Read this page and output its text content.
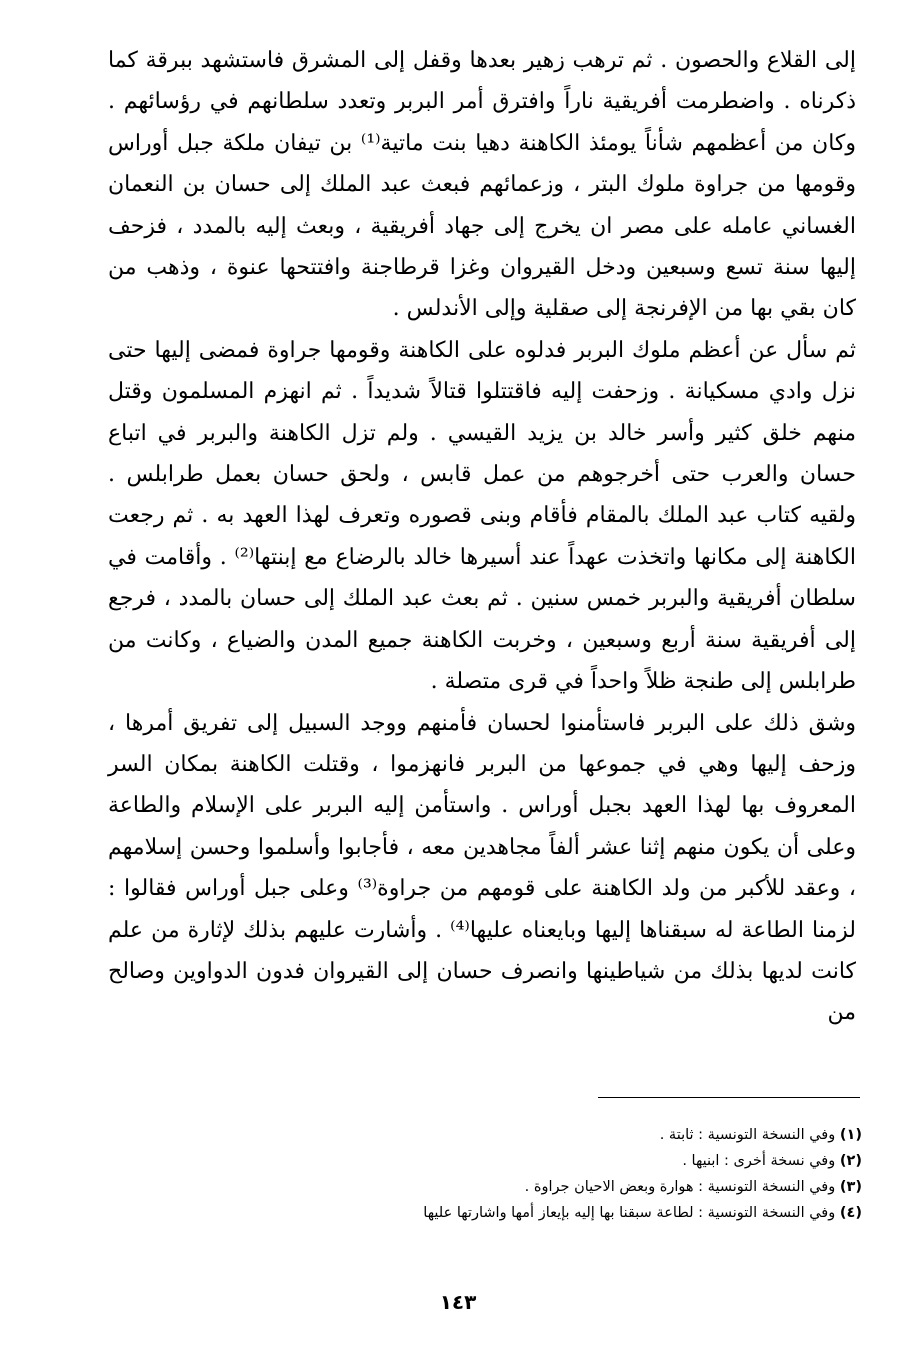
إلى القلاع والحصون . ثم ترهب زهير بعدها وقفل إلى المشرق فاستشهد ببرقة كما ذكرناه . واضطرمت أفريقية ناراً وافترق أمر البربر وتعدد سلطانهم في رؤسائهم . وكان من أعظمهم شأناً يومئذ الكاهنة دهيا بنت ماتية⁽¹⁾ بن تيفان ملكة جبل أوراس وقومها من جراوة ملوك البتر ، وزعمائهم فبعث عبد الملك إلى حسان بن النعمان الغساني عامله على مصر ان يخرج إلى جهاد أفريقية ، وبعث إليه بالمدد ، فزحف إليها سنة تسع وسبعين ودخل القيروان وغزا قرطاجنة وافتتحها عنوة ، وذهب من كان بقي بها من الإفرنجة إلى صقلية وإلى الأندلس .

ثم سأل عن أعظم ملوك البربر فدلوه على الكاهنة وقومها جراوة فمضى إليها حتى نزل وادي مسكيانة . وزحفت إليه فاقتتلوا قتالاً شديداً . ثم انهزم المسلمون وقتل منهم خلق كثير وأسر خالد بن يزيد القيسي . ولم تزل الكاهنة والبربر في اتباع حسان والعرب حتى أخرجوهم من عمل قابس ، ولحق حسان بعمل طرابلس . ولقيه كتاب عبد الملك بالمقام فأقام وبنى قصوره وتعرف لهذا العهد به . ثم رجعت الكاهنة إلى مكانها واتخذت عهداً عند أسيرها خالد بالرضاع مع إبنتها⁽²⁾ . وأقامت في سلطان أفريقية والبربر خمس سنين . ثم بعث عبد الملك إلى حسان بالمدد ، فرجع إلى أفريقية سنة أربع وسبعين ، وخربت الكاهنة جميع المدن والضياع ، وكانت من طرابلس إلى طنجة ظلاً واحداً في قرى متصلة .

وشق ذلك على البربر فاستأمنوا لحسان فأمنهم ووجد السبيل إلى تفريق أمرها ، وزحف إليها وهي في جموعها من البربر فانهزموا ، وقتلت الكاهنة بمكان السر المعروف بها لهذا العهد بجبل أوراس . واستأمن إليه البربر على الإسلام والطاعة وعلى أن يكون منهم إثنا عشر ألفاً مجاهدين معه ، فأجابوا وأسلموا وحسن إسلامهم ، وعقد للأكبر من ولد الكاهنة على قومهم من جراوة⁽³⁾ وعلى جبل أوراس فقالوا : لزمنا الطاعة له سبقناها إليها وبايعناه عليها⁽⁴⁾ . وأشارت عليهم بذلك لإثارة من علم كانت لديها بذلك من شياطينها وانصرف حسان إلى القيروان فدون الدواوين وصالح من

(١) وفي النسخة التونسية : ثابتة .
(٢) وفي نسخة أخرى : ابنيها .
(٣) وفي النسخة التونسية : هوارة وبعض الاحيان جراوة .
(٤) وفي النسخة التونسية : لطاعة سبقنا بها إليه بإيعاز أمها واشارتها عليها
١٤٣
